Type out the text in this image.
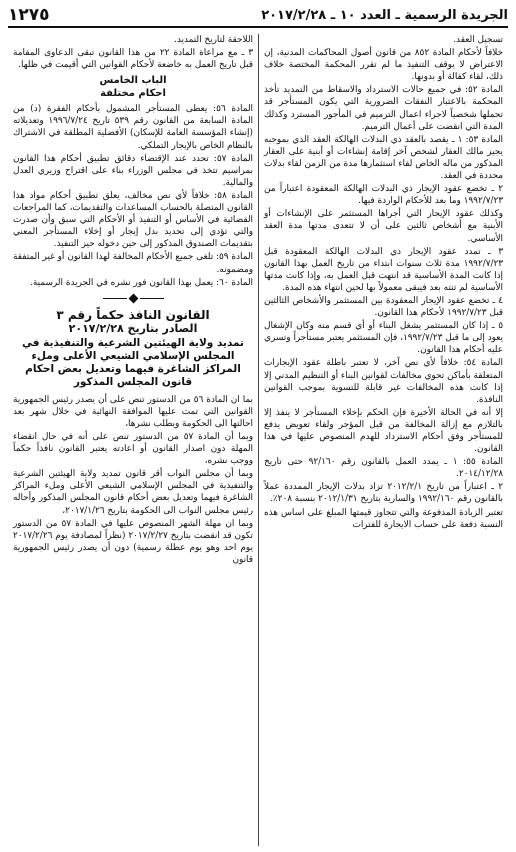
الجريدة الرسمية ـ العدد ١٠ ـ ٢٠١٧/٢/٢٨
١٢٧٥

تسجيل العقد.

خلافاً لأحكام المادة ٨٥٢ من قانون أصول المحاكمات المدنية، إن الاعتراض لا يوقف التنفيذ ما لم تقرر المحكمة المختصة خلاف ذلك، لقاء كفالة أو بدونها.

المادة ٥٢: في جميع حالات الاسترداد والاسقاط من التمديد تأخذ المحكمة بالاعتبار النفقات الضرورية التي يكون المستأجر قد تحملها شخصياً لاجراء اعمال الترميم في المأجور المسترد وكذلك المدة التي انقضت على أعمال الترميم.

المادة ٥٣: ١ ـ يقصد بالعقد ذي البدلات الهالكة العقد الذي بموجبه يجيز مالك العقار لشخص آخر إقامة إنشاءات أو أبنية على العقار المذكور من ماله الخاص لقاء استثمارها مدة من الزمن لقاء بدلات محددة في العقد.

٢ ـ تخضع عقود الإيجار ذي البدلات الهالكة المعقودة اعتباراً من ١٩٩٢/٧/٢٣ وما بعد للأحكام الواردة فيها.

وكذلك عقود الإيجار التي أجراها المستثمر على الإنشاءات أو الأبنية مع أشخاص ثالثين على أن لا تتعدى مدتها مدة العقد الأساسي.

٣ ـ تمدد عقود الإيجار ذي البدلات الهالكة المعقودة قبل ١٩٩٢/٧/٢٣ مدة ثلاث سنوات ابتداء من تاريخ العمل بهذا القانون إذا كانت المدة الأساسية قد انتهت قبل العمل به، وإذا كانت مدتها الأساسية لم تنته بعد فيبقى معمولاً بها لحين انتهاء هذه المدة.

٤ ـ تخضع عقود الإيجار المعقودة بين المستثمر والأشخاص الثالثين قبل ١٩٩٢/٧/٢٣ لأحكام هذا القانون.

٥ ـ إذا كان المستثمر يشغل البناء أو أي قسم منه وكان الإشغال يعود إلى ما قبل ١٩٩٢/٧/٢٣، فإن المستثمر يعتبر مستأجراً وتسري عليه أحكام هذا القانون.

المادة ٥٤: خلافاً لأي نص آخر، لا تعتبر باطلة عقود الإيجارات المتعلقة بأماكن تحوي مخالفات لقوانين البناء أو التنظيم المدني إلا إذا كانت هذه المخالفات غير قابلة للتسوية بموجب القوانين النافذة.

إلا أنه في الحالة الأخيرة فإن الحكم بإخلاء المستأجر لا ينفذ إلا بالتلازم مع إزالة المخالفة من قبل المؤجر ولقاء تعويض يدفع للمستأجر وفق أحكام الاسترداد للهدم المنصوص عليها في هذا القانون.

المادة ٥٥: ١ ـ يمدد العمل بالقانون رقم ٩٢/١٦٠ حتى تاريخ ٢٠١٤/١٢/٢٨.

٢ ـ اعتباراً من تاريخ ٢٠١٢/٢/١ تزاد بدلات الإيجار الممددة عملاً بالقانون رقم ١٩٩٢/١٦٠ والسارية بتاريخ ٢٠١٢/١/٣١ بنسبة ٢٠٨٪.

تعتبر الزيادة المدفوعة والتي تتجاوز قيمتها المبلغ على اساس هذه النسبة دفعة على حساب الايجارة للفترات

اللاحقة لتاريخ التمديد.

٣ ـ مع مراعاة المادة ٢٢ من هذا القانون تبقى الدعاوى المقامة قبل تاريخ العمل به خاضعة لأحكام القوانين التي أقيمت في ظلها.

الباب الخامس
احكام مختلفة

المادة ٥٦: يعطى المستأجر المشمول بأحكام الفقرة (د) من المادة السابعة من القانون رقم ٥٣٩ تاريخ ١٩٩٦/٧/٢٤ وتعديلاته (إنشاء المؤسسة العامة للإسكان) الأفضلية المطلقة في الاشتراك بالنظام الخاص بالإيجار التملكي.

المادة ٥٧: تحدد عند الإقتضاء دقائق تطبيق أحكام هذا القانون بمراسيم تتخذ في مجلس الوزراء بناء على اقتراح وزيري العدل والمالية.

المادة ٥٨: خلافاً لأي نص مخالف، يعلق تطبيق أحكام مواد هذا القانون المتصلة بالحساب المساعدات والتقديمات، كما المراجعات القضائية في الأساس أو التنفيذ أو الأحكام التي سبق وأن صدرت والتي تؤدي إلى تحديد بدل إيجار أو إخلاء المستأجر المعني بتقديمات الصندوق المذكور إلى حين دخوله حيز التنفيذ.

المادة ٥٩: تلغى جميع الأحكام المخالفة لهذا القانون أو غير المتفقة ومضمونه.

المادة ٦٠: يعمل بهذا القانون فور نشره في الجريدة الرسمية.

القانون النافذ حكماً رقم ٣
الصادر بتاريخ ٢٠١٧/٢/٢٨
تمديد ولاية الهيئتين الشرعية والتنفيذية في المجلس الإسلامي الشيعي الأعلى وملء المراكز الشاغرة فيهما وتعديل بعض احكام قانون المجلس المذكور

بما ان المادة ٥٦ من الدستور تنص على أن يصدر رئيس الجمهورية القوانين التي تمت عليها الموافقة النهائية في خلال شهر بعد احالتها الى الحكومة ويطلب نشرها،

وبما أن المادة ٥٧ من الدستور تنص على أنه في حال انقضاء المهلة دون اصدار القانون أو اعادته يعتبر القانون نافذاً حكماً ووجب نشره،

وبما أن مجلس النواب أقر قانون تمديد ولاية الهيئتين الشرعية والتنفيذية في المجلس الإسلامي الشيعي الأعلى وملء المراكز الشاغرة فيهما وتعديل بعض أحكام قانون المجلس المذكور وأحاله رئيس مجلس النواب الى الحكومة بتاريخ ٢٠١٧/١/٢٦،

وبما ان مهلة الشهر المنصوص عليها في المادة ٥٧ من الدستور تكون قد انقضت بتاريخ ٢٠١٧/٢/٢٧ (نظراً لمصادفة يوم ٢٠١٧/٢/٢٦ يوم احد وهو يوم عطلة رسمية) دون أن يصدر رئيس الجمهورية قانون
